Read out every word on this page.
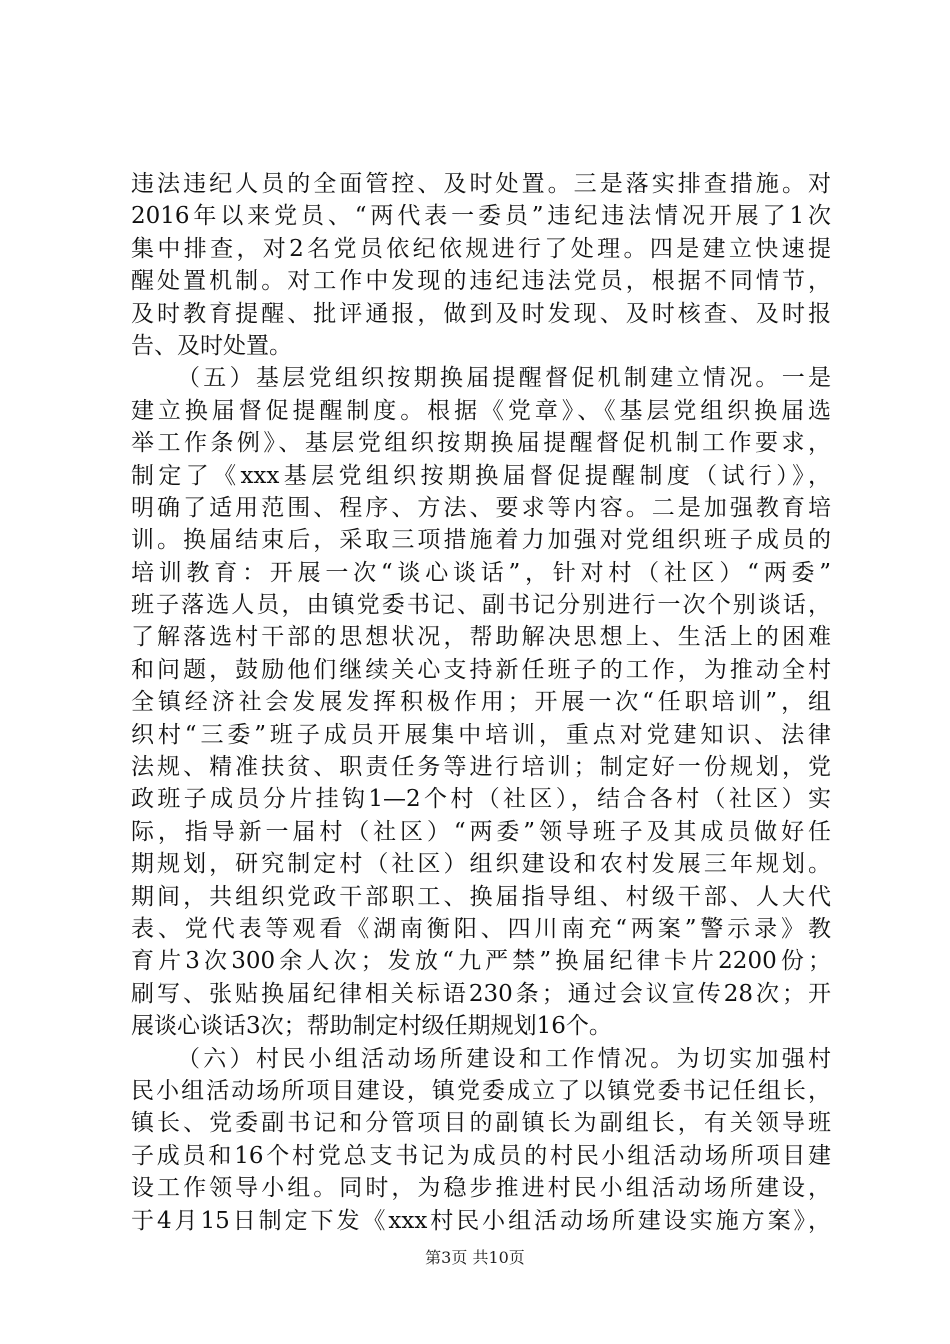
违法违纪人员的全面管控、及时处置。三是落实排查措施。对
2016年以来党员、“两代表一委员”违纪违法情况开展了1次
集中排查，对2名党员依纪依规进行了处理。四是建立快速提
醒处置机制。对工作中发现的违纪违法党员，根据不同情节，
及时教育提醒、批评通报，做到及时发现、及时核查、及时报
告、及时处置。
（五）基层党组织按期换届提醒督促机制建立情况。一是
建立换届督促提醒制度。根据《党章》、《基层党组织换届选
举工作条例》、基层党组织按期换届提醒督促机制工作要求，
制定了《xxx基层党组织按期换届督促提醒制度（试行）》，
明确了适用范围、程序、方法、要求等内容。二是加强教育培
训。换届结束后，采取三项措施着力加强对党组织班子成员的
培训教育：开展一次“谈心谈话”，针对村（社区）“两委”
班子落选人员，由镇党委书记、副书记分别进行一次个别谈话，
了解落选村干部的思想状况，帮助解决思想上、生活上的困难
和问题，鼓励他们继续关心支持新任班子的工作，为推动全村
全镇经济社会发展发挥积极作用；开展一次“任职培训”，组
织村“三委”班子成员开展集中培训，重点对党建知识、法律
法规、精准扶贫、职责任务等进行培训；制定好一份规划，党
政班子成员分片挂钩1—2个村（社区），结合各村（社区）实
际，指导新一届村（社区）“两委”领导班子及其成员做好任
期规划，研究制定村（社区）组织建设和农村发展三年规划。
期间，共组织党政干部职工、换届指导组、村级干部、人大代
表、党代表等观看《湖南衡阳、四川南充“两案”警示录》教
育片3次300余人次；发放“九严禁”换届纪律卡片2200份；
刷写、张贴换届纪律相关标语230条；通过会议宣传28次；开
展谈心谈话3次；帮助制定村级任期规划16个。
（六）村民小组活动场所建设和工作情况。为切实加强村
民小组活动场所项目建设，镇党委成立了以镇党委书记任组长，
镇长、党委副书记和分管项目的副镇长为副组长，有关领导班
子成员和16个村党总支书记为成员的村民小组活动场所项目建
设工作领导小组。同时，为稳步推进村民小组活动场所建设，
于4月15日制定下发《xxx村民小组活动场所建设实施方案》，
第3页 共10页
